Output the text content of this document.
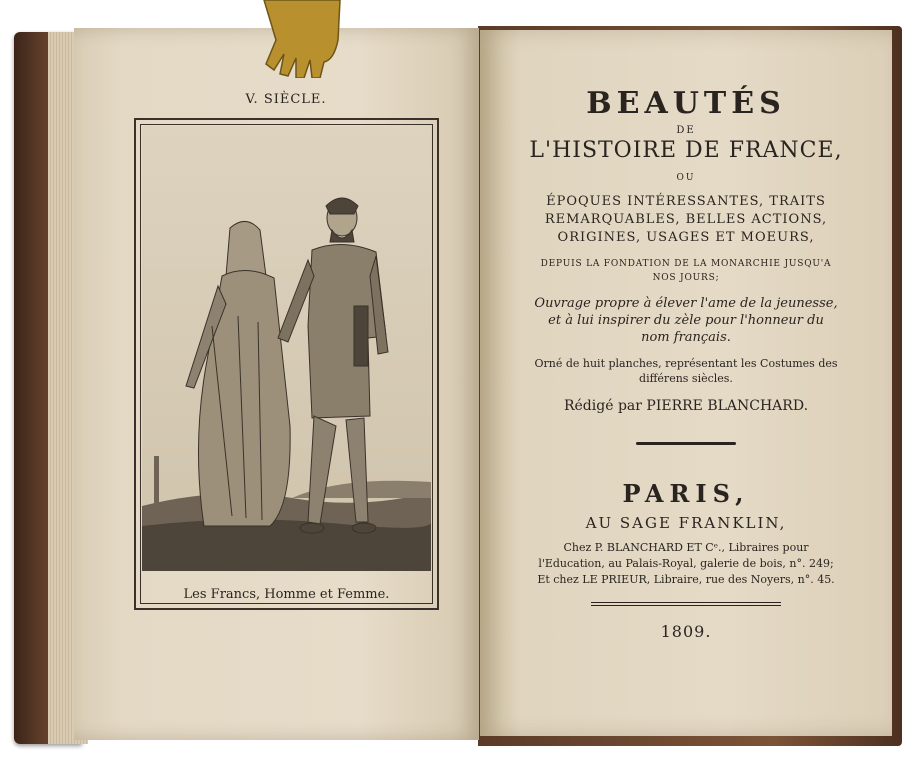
V. SIÈCLE.
Les Francs, Homme et Femme.
BEAUTÉS
DE
L'HISTOIRE DE FRANCE,
OU
ÉPOQUES INTÉRESSANTES, TRAITS
REMARQUABLES, BELLES ACTIONS,
ORIGINES, USAGES ET MOEURS,
DEPUIS LA FONDATION DE LA MONARCHIE JUSQU'A
NOS JOURS;
Ouvrage propre à élever l'ame de la jeunesse,
et à lui inspirer du zèle pour l'honneur du
nom français.
Orné de huit planches, représentant les Costumes des
différens siècles.
Rédigé par PIERRE BLANCHARD.
PARIS,
AU SAGE FRANKLIN,
Chez P. BLANCHARD ET Cᵉ., Libraires pour
l'Education, au Palais-Royal, galerie de bois, n°. 249;
Et chez LE PRIEUR, Libraire, rue des Noyers, n°. 45.
1809.
